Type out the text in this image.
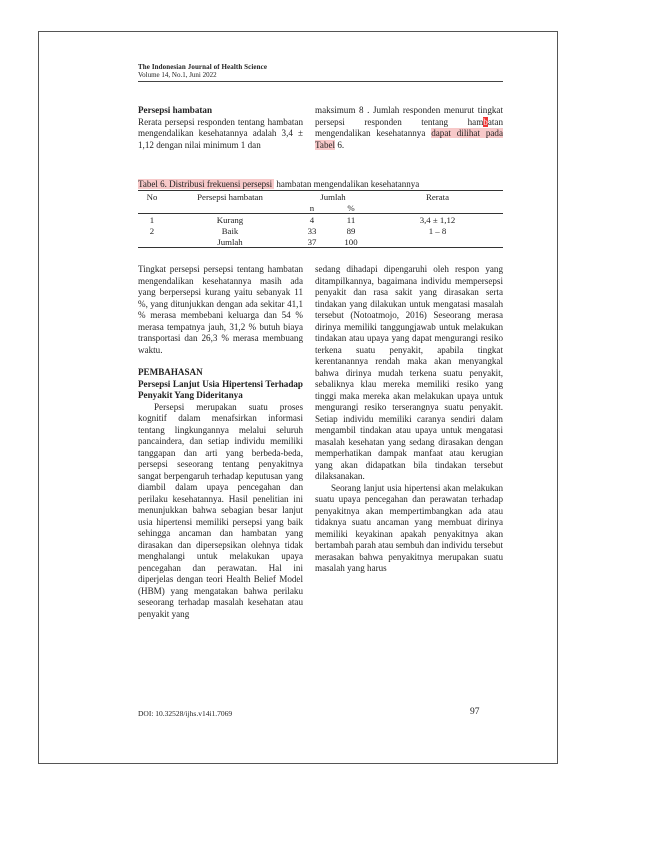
The Indonesian Journal of Health Science
Volume 14, No.1, Juni 2022

Persepsi hambatan

Rerata persepsi responden tentang hambatan mengendalikan kesehatannya adalah 3,4 ± 1,12 dengan nilai minimum 1 dan

maksimum 8 . Jumlah responden menurut tingkat persepsi responden tentang hambatan mengendalikan kesehatannya dapat dilihat pada Tabel 6.

Tabel 6. Distribusi frekuensi persepsi hambatan mengendalikan kesehatannya
No	Persepsi hambatan	Jumlah		Rerata
		n	%	
1	Kurang	4	11	3,4 ± 1,12
2	Baik	33	89	1 – 8
	Jumlah	37	100	

Tingkat persepsi persepsi tentang hambatan mengendalikan kesehatannya masih ada yang berpersepsi kurang yaitu sebanyak 11 %, yang ditunjukkan dengan ada sekitar 41,1 % merasa membebani keluarga dan 54 % merasa tempatnya jauh, 31,2 % butuh biaya transportasi dan 26,3 % merasa membuang waktu.

PEMBAHASAN

Persepsi Lanjut Usia Hipertensi Terhadap Penyakit Yang Dideritanya

Persepsi merupakan suatu proses kognitif dalam menafsirkan informasi tentang lingkungannya melalui seluruh pancaindera, dan setiap individu memiliki tanggapan dan arti yang berbeda-beda, persepsi seseorang tentang penyakitnya sangat berpengaruh terhadap keputusan yang diambil dalam upaya pencegahan dan perilaku kesehatannya. Hasil penelitian ini menunjukkan bahwa sebagian besar lanjut usia hipertensi memiliki persepsi yang baik sehingga ancaman dan hambatan yang dirasakan dan dipersepsikan olehnya tidak menghalangi untuk melakukan upaya pencegahan dan perawatan. Hal ini diperjelas dengan teori Health Belief Model (HBM) yang mengatakan bahwa perilaku seseorang terhadap masalah kesehatan atau penyakit yang

sedang dihadapi dipengaruhi oleh respon yang ditampilkannya, bagaimana individu mempersepsi penyakit dan rasa sakit yang dirasakan serta tindakan yang dilakukan untuk mengatasi masalah tersebut (Notoatmojo, 2016) Seseorang merasa dirinya memiliki tanggungjawab untuk melakukan tindakan atau upaya yang dapat mengurangi resiko terkena suatu penyakit, apabila tingkat kerentanannya rendah maka akan menyangkal bahwa dirinya mudah terkena suatu penyakit, sebaliknya klau mereka memiliki resiko yang tinggi maka mereka akan melakukan upaya untuk mengurangi resiko terserangnya suatu penyakit. Setiap individu memiliki caranya sendiri dalam mengambil tindakan atau upaya untuk mengatasi masalah kesehatan yang sedang dirasakan dengan memperhatikan dampak manfaat atau kerugian yang akan didapatkan bila tindakan tersebut dilaksanakan.

Seorang lanjut usia hipertensi akan melakukan suatu upaya pencegahan dan perawatan terhadap penyakitnya akan mempertimbangkan ada atau tidaknya suatu ancaman yang membuat dirinya memiliki keyakinan apakah penyakitnya akan bertambah parah atau sembuh dan individu tersebut merasakan bahwa penyakitnya merupakan suatu masalah yang harus

DOI: 10.32528/ijhs.v14i1.7069	97
